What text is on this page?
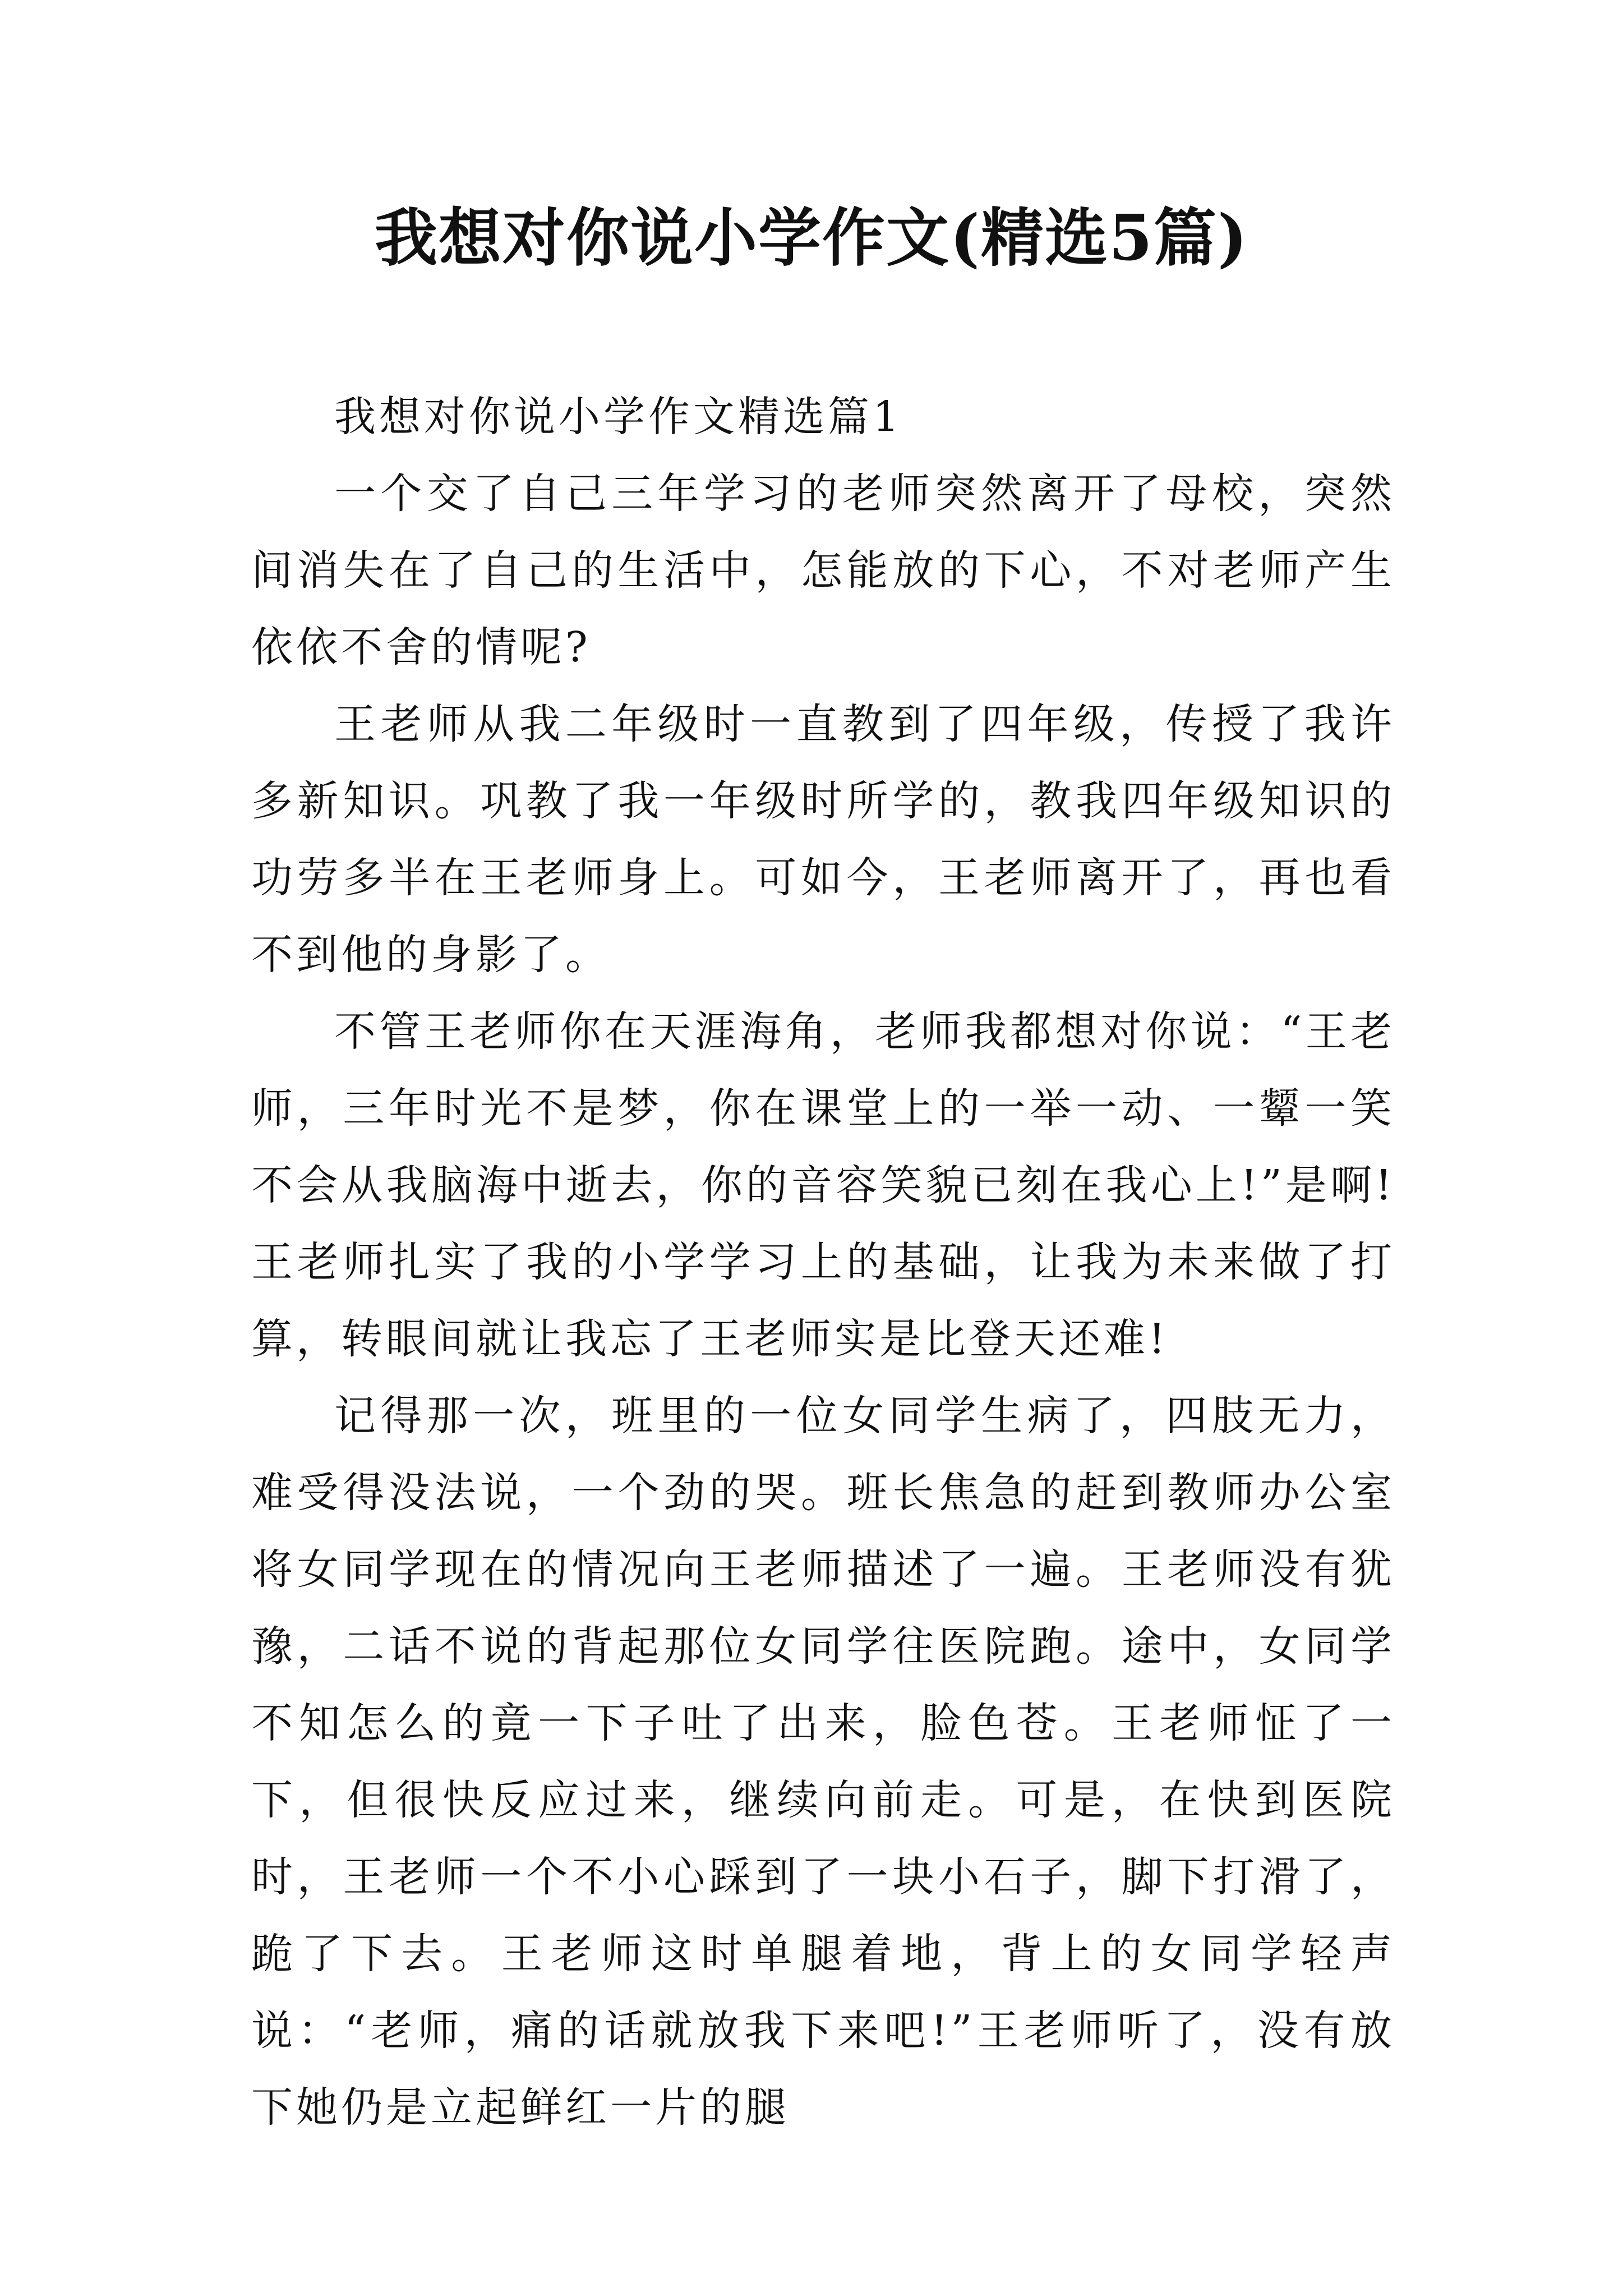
我想对你说小学作文(精选5篇)

我想对你说小学作文精选篇1

一个交了自己三年学习的老师突然离开了母校，突然间消失在了自己的生活中，怎能放的下心，不对老师产生依依不舍的情呢?

王老师从我二年级时一直教到了四年级，传授了我许多新知识。巩教了我一年级时所学的，教我四年级知识的功劳多半在王老师身上。可如今，王老师离开了，再也看不到他的身影了。

不管王老师你在天涯海角，老师我都想对你说：“王老师，三年时光不是梦，你在课堂上的一举一动、一颦一笑不会从我脑海中逝去，你的音容笑貌已刻在我心上!”是啊!王老师扎实了我的小学学习上的基础，让我为未来做了打算，转眼间就让我忘了王老师实是比登天还难!

记得那一次，班里的一位女同学生病了，四肢无力，难受得没法说，一个劲的哭。班长焦急的赶到教师办公室将女同学现在的情况向王老师描述了一遍。王老师没有犹豫，二话不说的背起那位女同学往医院跑。途中，女同学不知怎么的竟一下子吐了出来，脸色苍。王老师怔了一下，但很快反应过来，继续向前走。可是，在快到医院时，王老师一个不小心踩到了一块小石子，脚下打滑了，跪了下去。王老师这时单腿着地，背上的女同学轻声说：“老师，痛的话就放我下来吧!”王老师听了，没有放下她仍是立起鲜红一片的腿
